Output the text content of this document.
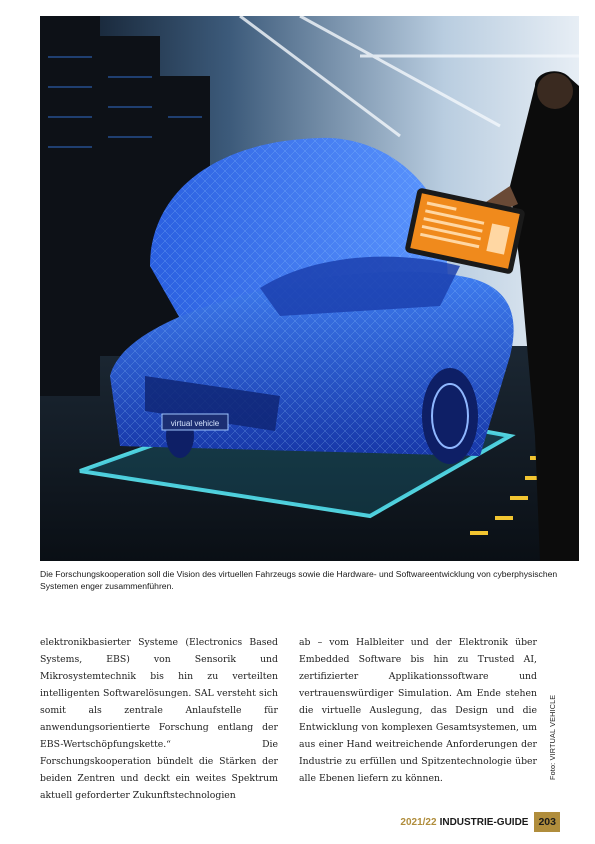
virtual vehicle
Die Forschungskooperation soll die Vision des virtuellen Fahrzeugs sowie die Hardware- und Softwareentwicklung von cyberphysischen Systemen enger zusammenführen.

elektronikbasierter Systeme (Electronics Based Systems, EBS) von Sensorik und Mikrosystemtechnik bis hin zu verteilten intelligenten Softwarelösungen. SAL versteht sich somit als zentrale Anlaufstelle für anwendungsorientierte Forschung entlang der EBS-Wertschöpfungskette.“ Die Forschungskooperation bündelt die Stärken der beiden Zentren und deckt ein weites Spektrum aktuell geforderter Zukunftstechnologien

ab – vom Halbleiter und der Elektronik über Embedded Software bis hin zu Trusted AI, zertifizierter Applikationssoftware und vertrauenswürdiger Simulation. Am Ende stehen die virtuelle Auslegung, das Design und die Entwicklung von komplexen Gesamtsystemen, um aus einer Hand weitreichende Anforderungen der Industrie zu erfüllen und Spitzentechnologie über alle Ebenen liefern zu können.	Foto: VIRTUAL VEHICLE
2021/22 INDUSTRIE-GUIDE 203
